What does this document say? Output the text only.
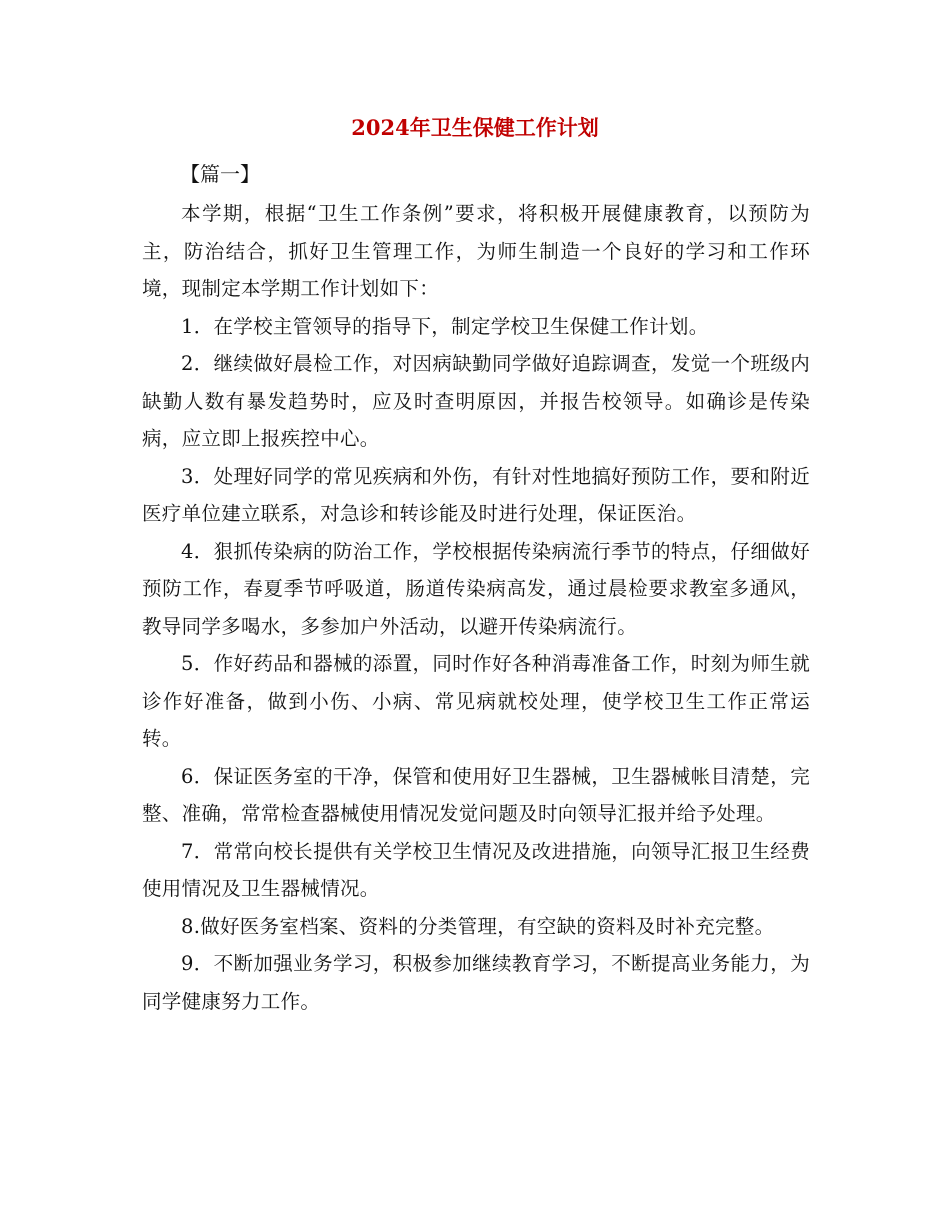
2024年卫生保健工作计划

【篇一】

本学期，根据“卫生工作条例”要求，将积极开展健康教育，以预防为主，防治结合，抓好卫生管理工作，为师生制造一个良好的学习和工作环境，现制定本学期工作计划如下：

1．在学校主管领导的指导下，制定学校卫生保健工作计划。

2．继续做好晨检工作，对因病缺勤同学做好追踪调查，发觉一个班级内缺勤人数有暴发趋势时，应及时查明原因，并报告校领导。如确诊是传染病，应立即上报疾控中心。

3．处理好同学的常见疾病和外伤，有针对性地搞好预防工作，要和附近医疗单位建立联系，对急诊和转诊能及时进行处理，保证医治。

4．狠抓传染病的防治工作，学校根据传染病流行季节的特点，仔细做好预防工作，春夏季节呼吸道，肠道传染病高发，通过晨检要求教室多通风，教导同学多喝水，多参加户外活动，以避开传染病流行。

5．作好药品和器械的添置，同时作好各种消毒准备工作，时刻为师生就诊作好准备，做到小伤、小病、常见病就校处理，使学校卫生工作正常运转。

6．保证医务室的干净，保管和使用好卫生器械，卫生器械帐目清楚，完整、准确，常常检查器械使用情况发觉问题及时向领导汇报并给予处理。

7．常常向校长提供有关学校卫生情况及改进措施，向领导汇报卫生经费使用情况及卫生器械情况。

8.做好医务室档案、资料的分类管理，有空缺的资料及时补充完整。

9．不断加强业务学习，积极参加继续教育学习，不断提高业务能力，为同学健康努力工作。
